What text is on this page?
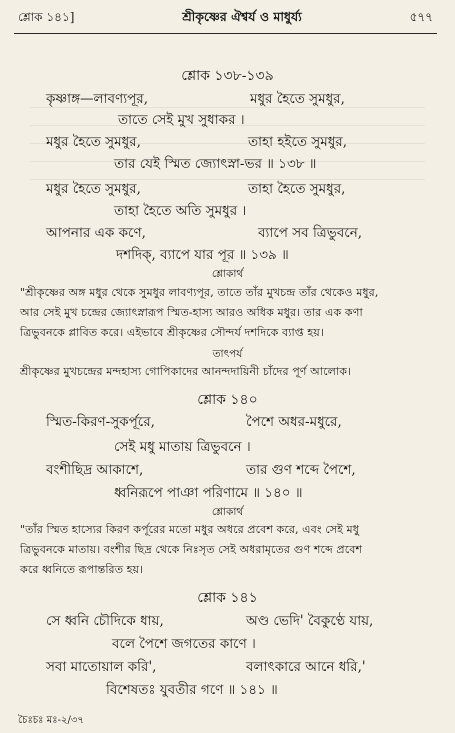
শ্লোক ১৪১]	শ্রীকৃষ্ণের ঐশ্বর্য ও মাধুর্য্য	৫৭৭
শ্লোক ১৩৮-১৩৯
কৃষ্ণাঙ্গ—লাবণ্যপূর,	মধুর হৈতে সুমধুর,
তাতে সেই মুখ সুধাকর ।
মধুর হৈতে সুমধুর,	তাহা হইতে সুমধুর,
তার যেই স্মিত জ্যোৎস্না-ভর ॥ ১৩৮ ॥
মধুর হৈতে সুমধুর,	তাহা হৈতে সুমধুর,
তাহা হৈতে অতি সুমধুর ।
আপনার এক কণে,	ব্যাপে সব ত্রিভুবনে,
দশদিক্, ব্যাপে যার পূর ॥ ১৩৯ ॥
শ্লোকার্থ
"শ্রীকৃষ্ণের অঙ্গ মধুর থেকে সুমধুর লাবণ্যপূর, তাতে তাঁর মুখচন্দ্র তাঁর থেকেও মধুর,
আর সেই মুখ চন্দ্রের জ্যোৎস্নারূপ স্মিত-হাস্য আরও অধিক মধুর। তার এক কণা
ত্রিভুবনকে প্লাবিত করে। এইভাবে শ্রীকৃষ্ণের সৌন্দর্য দশদিকে ব্যাপ্ত হয়।
তাৎপর্য
শ্রীকৃষ্ণের মুখচন্দ্রের মন্দহাস্য গোপিকাদের আনন্দদায়িনী চাঁদের পূর্ণ আলোক।
শ্লোক ১৪০
স্মিত-কিরণ-সুকর্পূরে,	পৈশে অধর-মধুরে,
সেই মধু মাতায় ত্রিভুবনে ।
বংশীছিদ্র আকাশে,	তার গুণ শব্দে পৈশে,
ধ্বনিরূপে পাঞা পরিণামে ॥ ১৪০ ॥
শ্লোকার্থ
"তাঁর স্মিত হাস্যের কিরণ কর্পূরের মতো মধুর অধরে প্রবেশ করে, এবং সেই মধু
ত্রিভুবনকে মাতায়। বংশীর ছিদ্র থেকে নিঃসৃত সেই অধরামৃতের গুণ শব্দে প্রবেশ
করে ধ্বনিতে রূপান্তরিত হয়।
শ্লোক ১৪১
সে ধ্বনি চৌদিকে ধায়,	অণ্ড ভেদি' বৈকুণ্ঠে যায়,
বলে পৈশে জগতের কাণে ।
সবা মাতোয়াল করি',	বলাৎকারে আনে ধরি,'
বিশেষতঃ যুবতীর গণে ॥ ১৪১ ॥
চৈঃচঃ মঃ-২/৩৭
